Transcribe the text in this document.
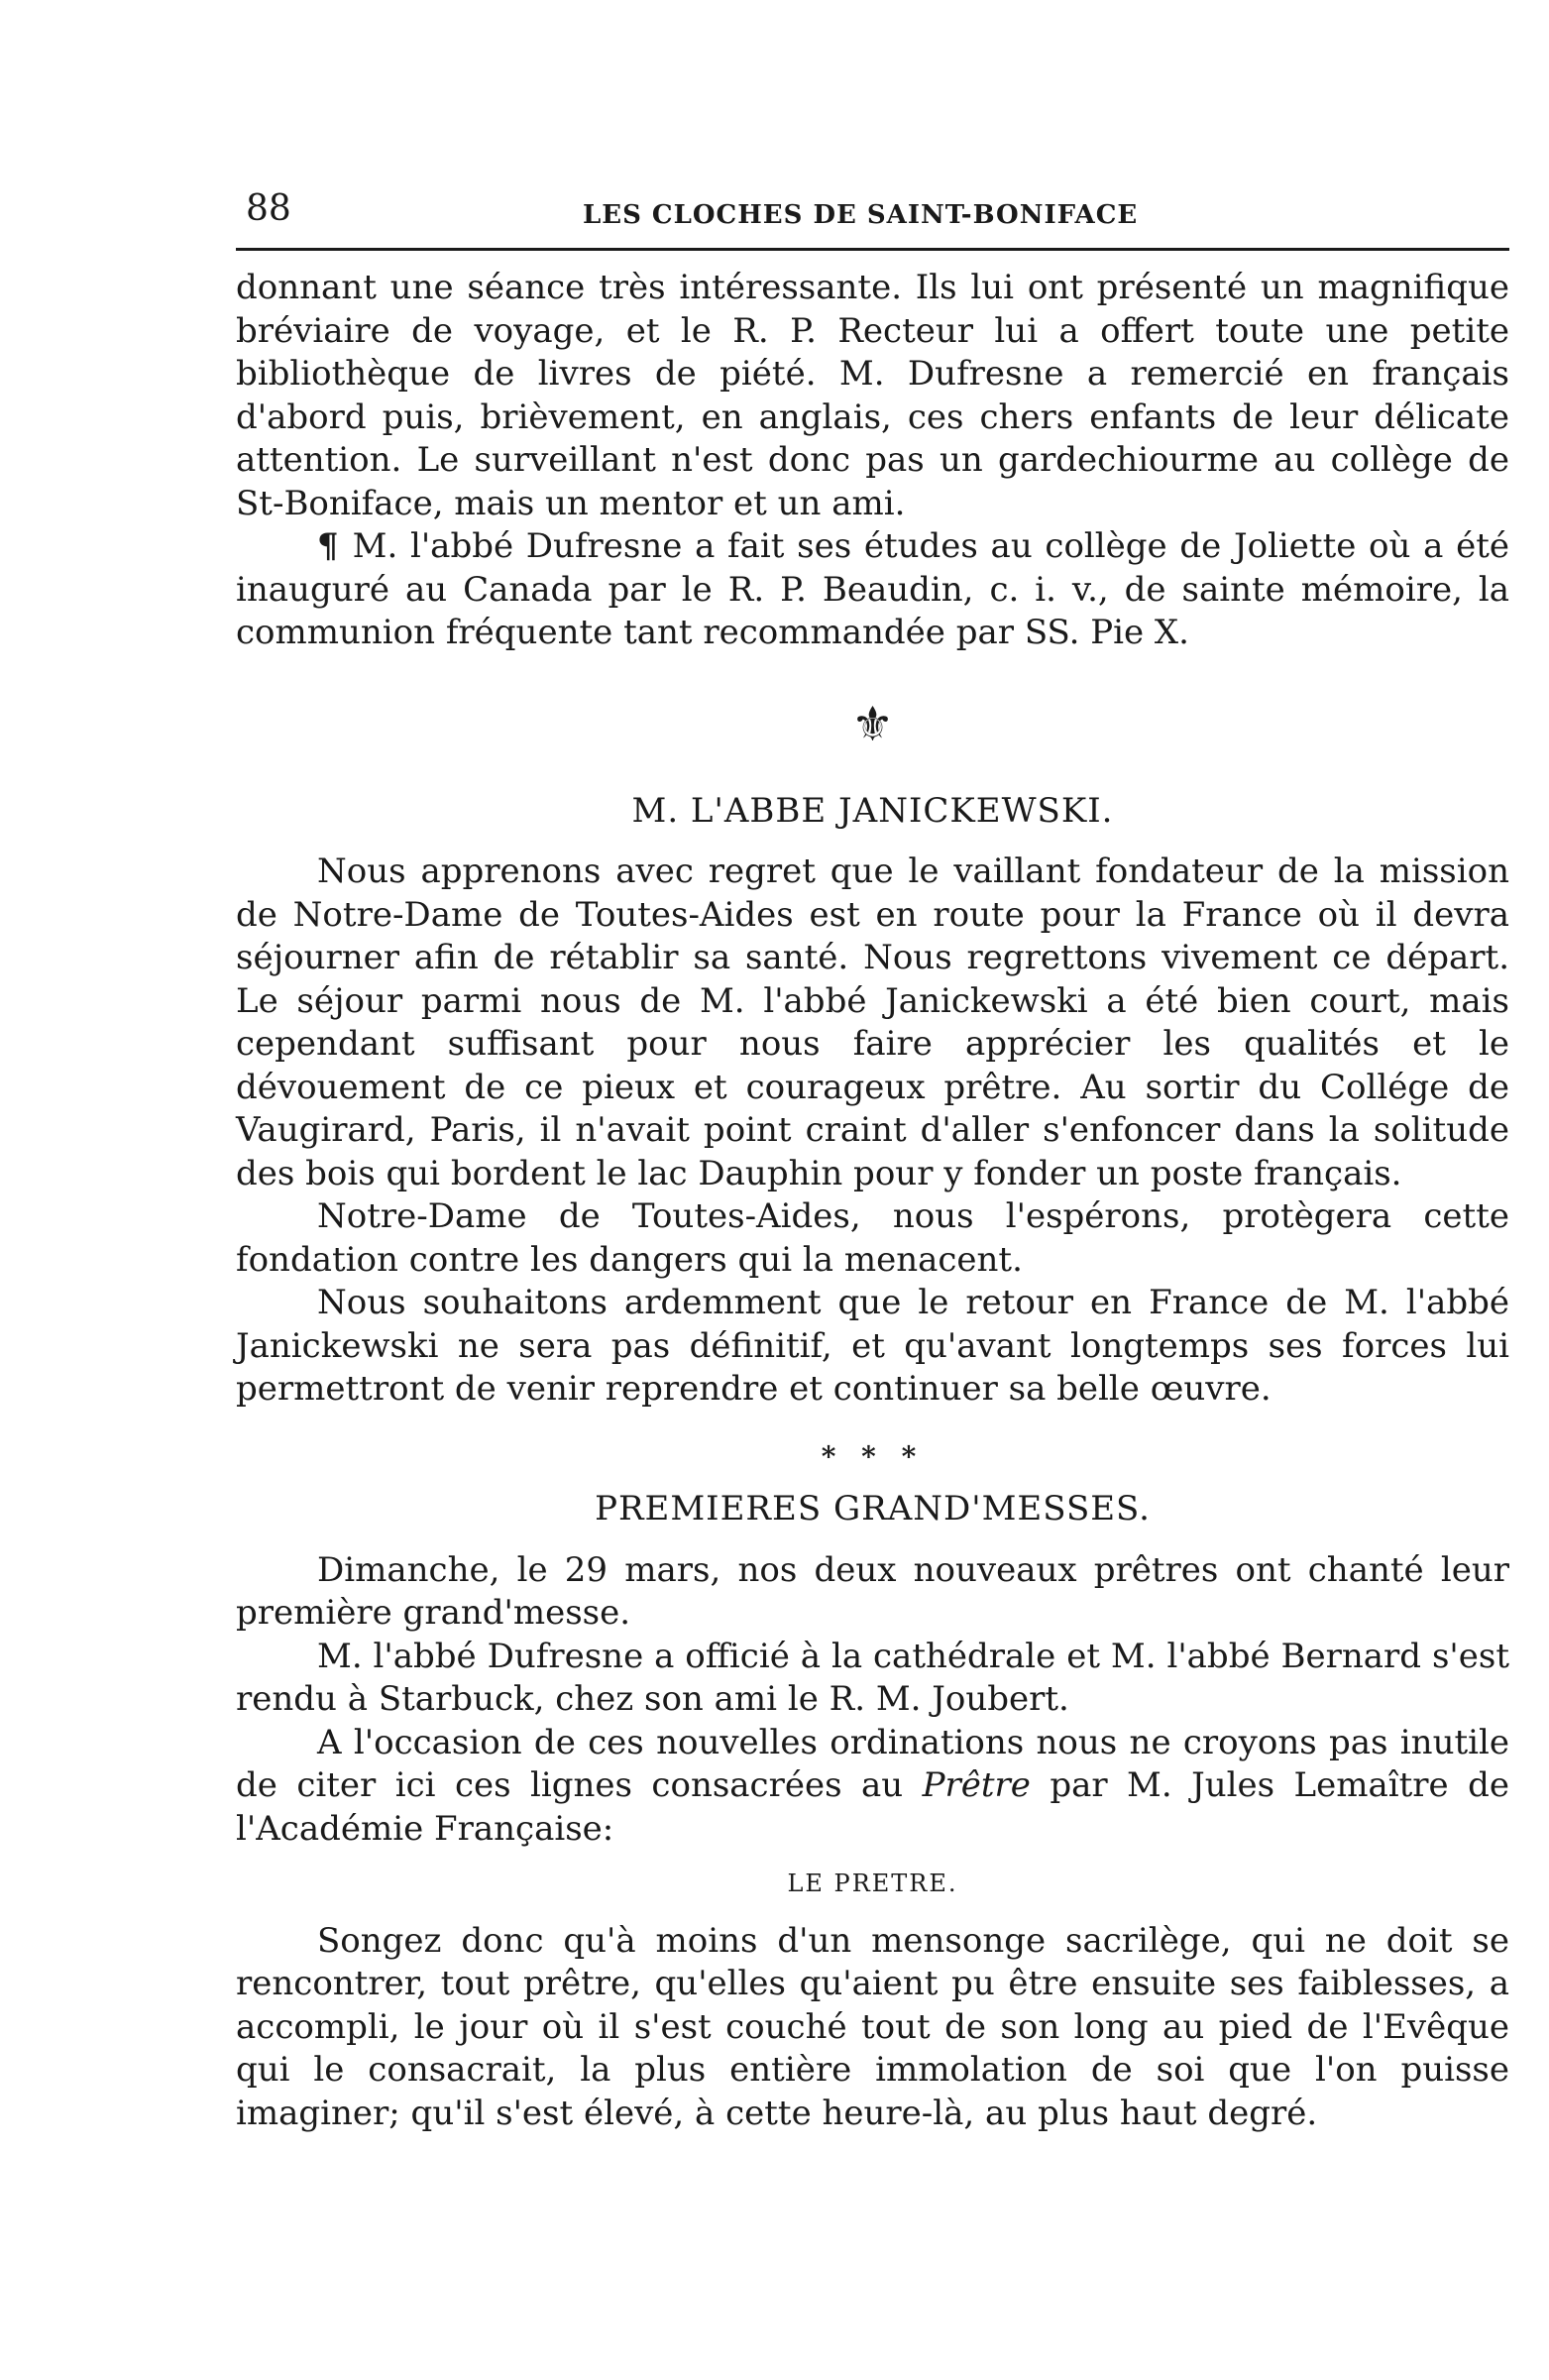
88	LES CLOCHES DE SAINT-BONIFACE

donnant une séance très intéressante. Ils lui ont présenté un magnifique bréviaire de voyage, et le R. P. Recteur lui a offert toute une petite bibliothèque de livres de piété. M. Dufresne a remercié en français d'abord puis, brièvement, en anglais, ces chers enfants de leur délicate attention. Le surveillant n'est donc pas un gardechiourme au collège de St-Boniface, mais un mentor et un ami.

¶ M. l'abbé Dufresne a fait ses études au collège de Joliette où a été inauguré au Canada par le R. P. Beaudin, c. i. v., de sainte mémoire, la communion fréquente tant recommandée par SS. Pie X.

⚜
M. L'ABBE JANICKEWSKI.

Nous apprenons avec regret que le vaillant fondateur de la mission de Notre-Dame de Toutes-Aides est en route pour la France où il devra séjourner afin de rétablir sa santé. Nous regrettons vivement ce départ. Le séjour parmi nous de M. l'abbé Janickewski a été bien court, mais cependant suffisant pour nous faire apprécier les qualités et le dévouement de ce pieux et courageux prêtre. Au sortir du Collége de Vaugirard, Paris, il n'avait point craint d'aller s'enfoncer dans la solitude des bois qui bordent le lac Dauphin pour y fonder un poste français.

Notre-Dame de Toutes-Aides, nous l'espérons, protègera cette fondation contre les dangers qui la menacent.

Nous souhaitons ardemment que le retour en France de M. l'abbé Janickewski ne sera pas définitif, et qu'avant longtemps ses forces lui permettront de venir reprendre et continuer sa belle œuvre.

* * *
PREMIERES GRAND'MESSES.

Dimanche, le 29 mars, nos deux nouveaux prêtres ont chanté leur première grand'messe.

M. l'abbé Dufresne a officié à la cathédrale et M. l'abbé Bernard s'est rendu à Starbuck, chez son ami le R. M. Joubert.

A l'occasion de ces nouvelles ordinations nous ne croyons pas inutile de citer ici ces lignes consacrées au Prêtre par M. Jules Lemaître de l'Académie Française:

LE PRETRE.

Songez donc qu'à moins d'un mensonge sacrilège, qui ne doit se rencontrer, tout prêtre, qu'elles qu'aient pu être ensuite ses faiblesses, a accompli, le jour où il s'est couché tout de son long au pied de l'Evêque qui le consacrait, la plus entière immolation de soi que l'on puisse imaginer; qu'il s'est élevé, à cette heure-là, au plus haut degré.
